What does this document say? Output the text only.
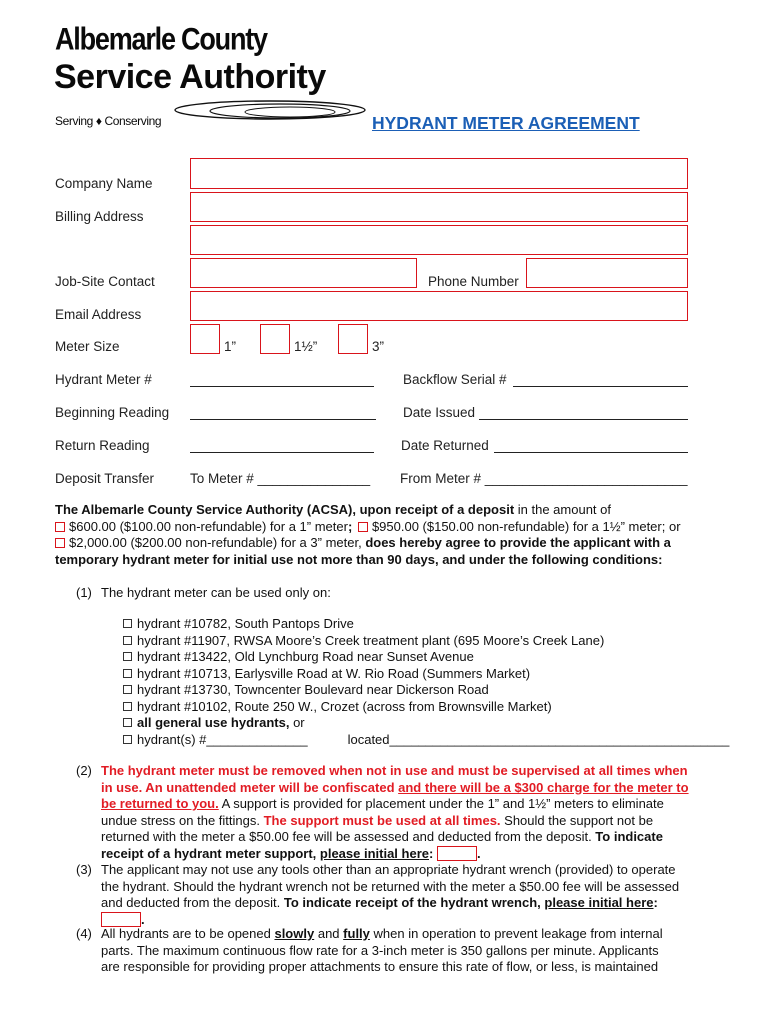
Albemarle County
Service Authority
Serving ♦ Conserving	HYDRANT METER AGREEMENT
Company Name
Billing Address
Job-Site Contact	Phone Number
Email Address
Meter Size	1”	1½”	3”
Hydrant Meter #	Backflow Serial #
Beginning Reading	Date Issued
Return Reading	Date Returned
Deposit Transfer	To Meter # _______________ From Meter # ___________________________
The Albemarle County Service Authority (ACSA), upon receipt of a deposit in the amount of
$600.00 ($100.00 non-refundable) for a 1” meter; $950.00 ($150.00 non-refundable) for a 1½” meter; or
$2,000.00 ($200.00 non-refundable) for a 3” meter, does hereby agree to provide the applicant with a
temporary hydrant meter for initial use not more than 90 days, and under the following conditions:
(1) The hydrant meter can be used only on:
hydrant #10782, South Pantops Drive
hydrant #11907, RWSA Moore’s Creek treatment plant (695 Moore’s Creek Lane)
hydrant #13422, Old Lynchburg Road near Sunset Avenue
hydrant #10713, Earlysville Road at W. Rio Road (Summers Market)
hydrant #13730, Towncenter Boulevard near Dickerson Road
hydrant #10102, Route 250 W., Crozet (across from Brownsville Market)
all general use hydrants, or
hydrant(s) #______________	located_______________________________________________
(2) The hydrant meter must be removed when not in use and must be supervised at all times when
in use. An unattended meter will be confiscated and there will be a $300 charge for the meter to
be returned to you. A support is provided for placement under the 1” and 1½” meters to eliminate
undue stress on the fittings. The support must be used at all times. Should the support not be
returned with the meter a $50.00 fee will be assessed and deducted from the deposit. To indicate
receipt of a hydrant meter support, please initial here:	.
(3) The applicant may not use any tools other than an appropriate hydrant wrench (provided) to operate
the hydrant. Should the hydrant wrench not be returned with the meter a $50.00 fee will be assessed
and deducted from the deposit. To indicate receipt of the hydrant wrench, please initial here:
.
(4) All hydrants are to be opened slowly and fully when in operation to prevent leakage from internal
parts. The maximum continuous flow rate for a 3-inch meter is 350 gallons per minute. Applicants
are responsible for providing proper attachments to ensure this rate of flow, or less, is maintained
